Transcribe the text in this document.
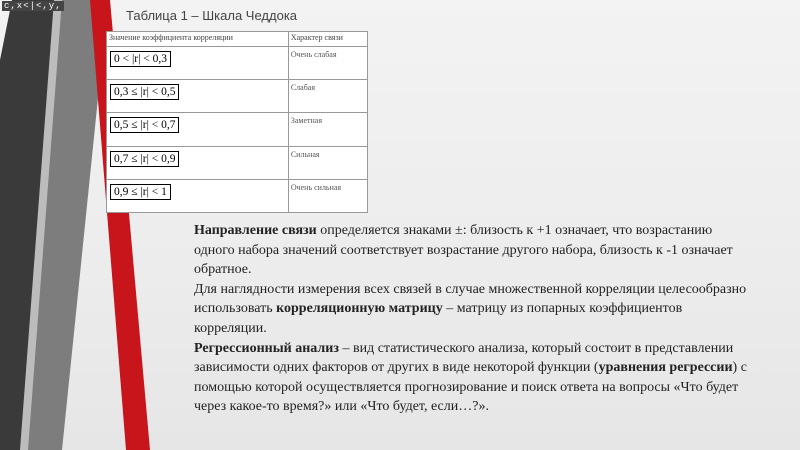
c,x<|<,y,
Таблица 1 – Шкала Чеддока
Значение коэффициента корреляции	Характер связи
0 < |r| < 0,3	Очень слабая
0,3 ≤ |r| < 0,5	Слабая
0,5 ≤ |r| < 0,7	Заметная
0,7 ≤ |r| < 0,9	Сильная
0,9 ≤ |r| < 1	Очень сильная

Направление связи определяется знаками ±: близость к +1 означает, что возрастанию одного набора значений соответствует возрастание другого набора, близость к -1 означает обратное.

Для наглядности измерения всех связей в случае множественной корреляции целесообразно использовать корреляционную матрицу – матрицу из попарных коэффициентов корреляции.

Регрессионный анализ – вид статистического анализа, который состоит в представлении зависимости одних факторов от других в виде некоторой функции (уравнения регрессии) с помощью которой осуществляется прогнозирование и поиск ответа на вопросы «Что будет через какое-то время?» или «Что будет, если…?».
